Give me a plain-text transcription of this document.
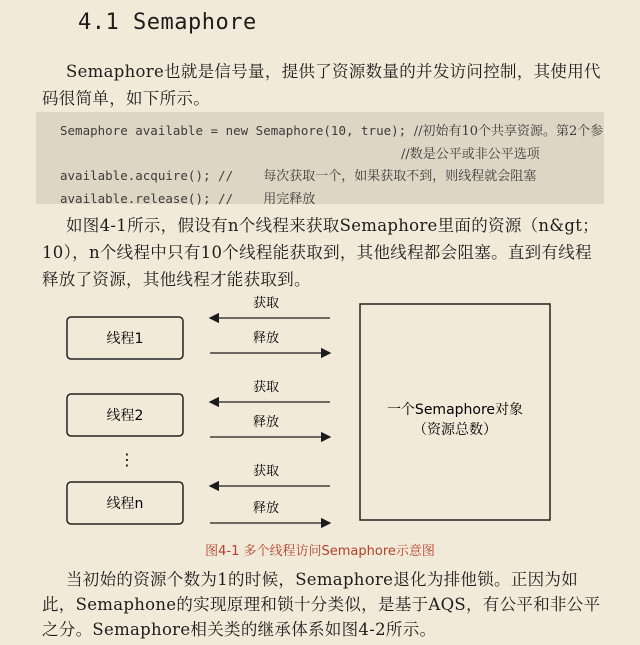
4.1 Semaphore
Semaphore也就是信号量，提供了资源数量的并发访问控制，其使用代码很简单，如下所示。
Semaphore available = new Semaphore(10, true); //初始有10个共享资源。第2个参
//数是公平或非公平选项
available.acquire(); // 每次获取一个，如果获取不到，则线程就会阻塞
available.release(); // 用完释放
如图4-1所示，假设有n个线程来获取Semaphore里面的资源（n&gt；10），n个线程中只有10个线程能获取到，其他线程都会阻塞。直到有线程释放了资源，其他线程才能获取到。
线程1
线程2
⋮
线程n
一个Semaphore对象
（资源总数）
获取
释放
获取
释放
获取
释放
图4-1 多个线程访问Semaphore示意图
当初始的资源个数为1的时候，Semaphore退化为排他锁。正因为如此，Semaphone的实现原理和锁十分类似，是基于AQS，有公平和非公平之分。Semaphore相关类的继承体系如图4-2所示。
